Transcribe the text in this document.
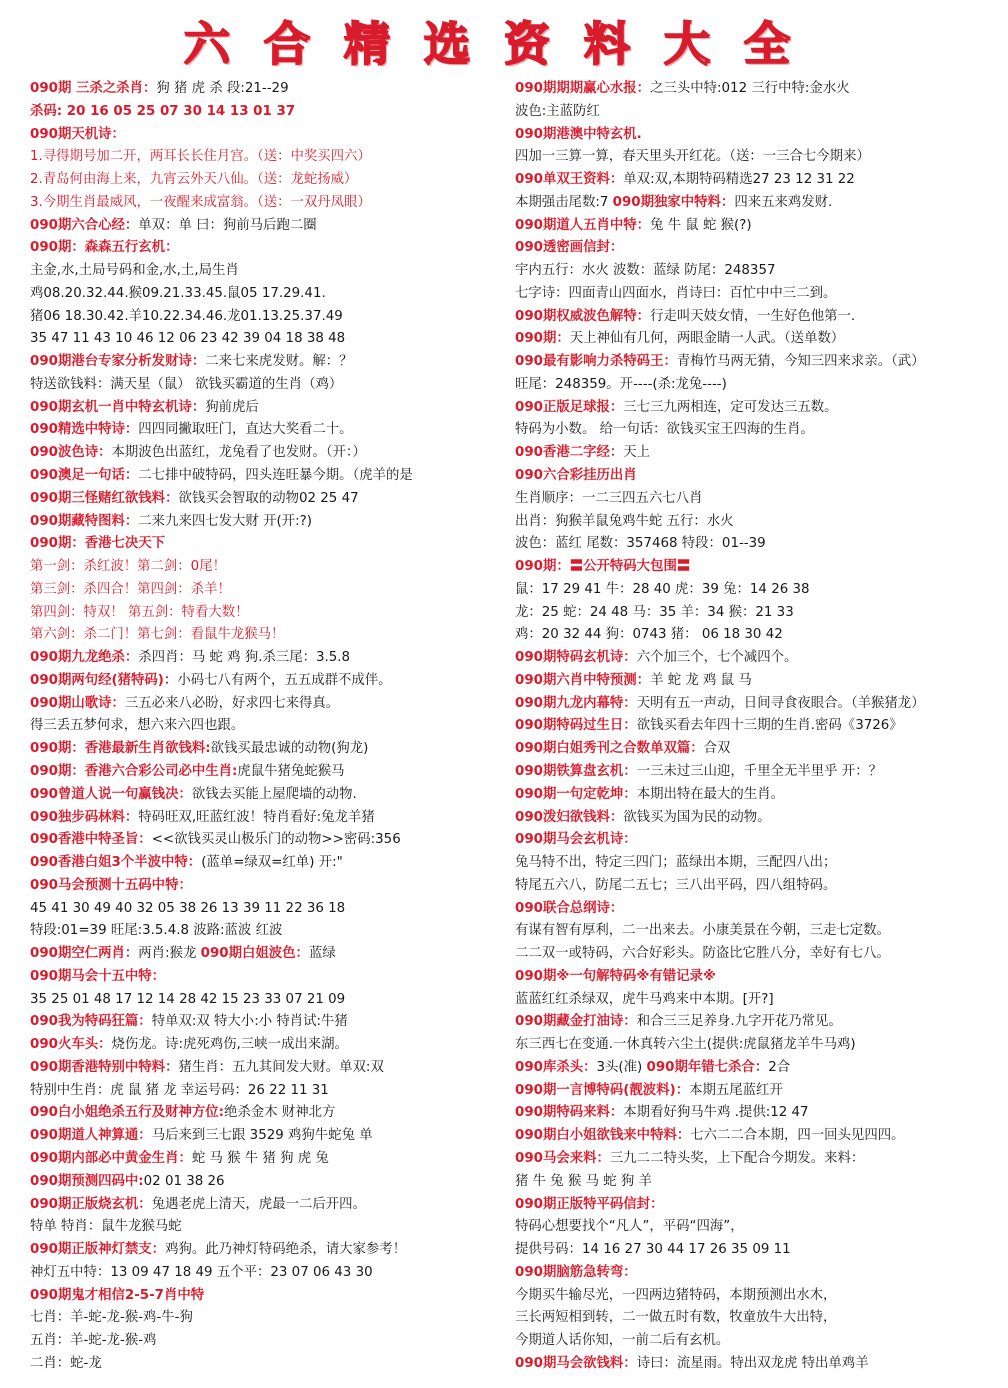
六合精选资料大全
090期 三杀之杀肖：狗 猪 虎 杀 段:21--29
杀码: 20 16 05 25 07 30 14 13 01 37
090期天机诗：
1.寻得期号加二开，两耳长长住月宫。（送：中奖买四六）
2.青岛何由海上来，九宵云外天八仙。（送：龙蛇扬威）
3.今期生肖最威风，一夜醒来成富翁。（送：一双丹凤眼）
090期六合心经：单双：单 曰：狗前马后跑二圈
090期：森森五行玄机：
主金,水,土局号码和金,水,土,局生肖
鸡08.20.32.44.猴09.21.33.45.鼠05 17.29.41.
猪06 18.30.42.羊10.22.34.46.龙01.13.25.37.49
35 47 11 43 10 46 12 06 23 42 39 04 18 38 48
090期港台专家分析发财诗：二来七来虎发财。解：？
特送欲钱料：满天星（鼠） 欲钱买霸道的生肖（鸡）
090期玄机一肖中特玄机诗：狗前虎后
090精选中特诗：四四同撇取旺门，直达大奖看二十。
090波色诗：本期波色出蓝红，龙兔看了也发财。（开：）
090澳足一句话：二七排中破特码，四头连旺暴今期。（虎羊的是
090期三怪赌红欲钱料：欲钱买会智取的动物02 25 47
090期藏特图料：二来九来四七发大财 开(开:?)
090期：香港七决天下
第一剑：杀红波！第二剑：0尾！
第三剑：杀四合！第四剑：杀羊！
第四剑：特双！ 第五剑：特看大数！
第六剑：杀二门！第七剑：看鼠牛龙猴马！
090期九龙绝杀：杀四肖：马 蛇 鸡 狗.杀三尾：3.5.8
090期两句经(猪特码)：小码七八有两个，五五成群不成伴。
090期山歌诗：三五必来八必盼，好求四七来得真。
得三丢五梦何求，想六来六四也跟。
090期：香港最新生肖欲钱料:欲钱买最忠诚的动物(狗龙)
090期：香港六合彩公司必中生肖:虎鼠牛猪兔蛇猴马
090曾道人说一句赢钱决：欲钱去买能上屋爬墙的动物.
090独步码林料：特码旺双,旺蓝红波！特肖看好:兔龙羊猪
090香港中特圣旨：<<欲钱买灵山极乐门的动物>>密码:356
090香港白姐3个半波中特：(蓝单=绿双=红单) 开:"
090马会预测十五码中特：
45 41 30 49 40 32 05 38 26 13 39 11 22 36 18
特段:01=39 旺尾:3.5.4.8 波路:蓝波 红波
090期空仁两肖：两肖:猴龙 090期白姐波色：蓝绿
090期马会十五中特：
35 25 01 48 17 12 14 28 42 15 23 33 07 21 09
090我为特码狂篇：特单双:双 特大小:小 特肖试:牛猪
090火车头：烧伤龙。诗:虎死鸡伤,三峡一成出来湖。
090期香港特别中特料：猪生肖：五九其间发大财。单双:双
特别中生肖：虎 鼠 猪 龙 幸运号码：26 22 11 31
090白小姐绝杀五行及财神方位:绝杀金木 财神北方
090期道人神算通：马后来到三七跟 3529 鸡狗牛蛇兔 单
090期内部必中黄金生肖：蛇 马 猴 牛 猪 狗 虎 兔
090期预测四码中:02 01 38 26
090期正版烧玄机：兔遇老虎上清天，虎最一二后开四。
特单 特肖：鼠牛龙猴马蛇
090期正版神灯禁支：鸡狗。此乃神灯特码绝杀，请大家参考！
神灯五中特：13 09 47 18 49 五个平：23 07 06 43 30
090期鬼才相信2-5-7肖中特
七肖：羊-蛇-龙-猴-鸡-牛-狗
五肖：羊-蛇-龙-猴-鸡
二肖：蛇-龙
090期期期赢心水报：之三头中特:012 三行中特:金水火
波色:主蓝防红
090期港澳中特玄机.
四加一三算一算，春天里头开红花。（送：一三合七今期来）
090单双王资料：单双:双,本期特码精选27 23 12 31 22
本期强击尾数:7 090期独家中特料：四来五来鸡发财.
090期道人五肖中特：兔 牛 鼠 蛇 猴(?)
090透密画信封：
宇内五行：水火 波数：蓝绿 防尾：248357
七字诗：四面青山四面水，肖诗曰：百忙中中三二到。
090期权威波色解特：行走叫天妓女情，一生好色他第一.
090期：天上神仙有几何，两眼金睛一人武。（送单数）
090最有影响力杀特码王：青梅竹马两无猜，今知三四来求亲。（武）
旺尾：248359。开----(杀:龙兔----)
090正版足球报：三七三九两相连，定可发达三五数。
特码为小数。 给一句话：欲钱买宝王四海的生肖。
090香港二字经：天上
090六合彩挂历出肖
生肖顺序：一二三四五六七八肖
出肖：狗猴羊鼠兔鸡牛蛇 五行：水火
波色：蓝红 尾数：357468 特段：01--39
090期：〓公开特码大包围〓
鼠：17 29 41 牛：28 40 虎：39 兔：14 26 38
龙：25 蛇：24 48 马：35 羊：34 猴：21 33
鸡：20 32 44 狗：0743 猪： 06 18 30 42
090期特码玄机诗：六个加三个，七个减四个。
090期六肖中特预测：羊 蛇 龙 鸡 鼠 马
090期九龙内幕特：天明有五一声动，日间寻食夜眼合。（羊猴猪龙）
090期特码过生日：欲钱买看去年四十三期的生肖.密码《3726》
090期白姐秀刊之合数单双篇：合双
090期铁算盘玄机：一三未过三山迎，千里全无半里乎 开：？
090期一句定乾坤：本期出特在最大的生肖。
090泼妇欲钱料：欲钱买为国为民的动物。
090期马会玄机诗：
兔马特不出，特定三四门；蓝绿出本期，三配四八出；
特尾五六八，防尾二五七；三八出平码，四八组特码。
090联合总纲诗：
有谋有智有厚利，二一出来去。小康美景在今朝，三走七定数。
二二双一或特码，六合好彩头。防盗比它胜八分，幸好有七八。
090期※一句解特码※有错记录※
蓝蓝红红杀绿双，虎牛马鸡来中本期。[开?]
090期藏金打油诗：和合三三足养身.九字开花乃常见。
东三西七在变通.一休真转六尘土(提供:虎鼠猪龙羊牛马鸡)
090库杀头：3头(准) 090期年错七杀合：2合
090期一言博特码(靓波料)：本期五尾蓝红开
090期特码来料：本期看好狗马牛鸡 .提供:12 47
090期白小姐欲钱来中特料：七六二二合本期，四一回头见四四。
090马会来料：三九二二特头奖，上下配合今期发。来料：
猪 牛 兔 猴 马 蛇 狗 羊
090期正版特平码信封：
特码心想要找个“凡人”，平码“四海”，
提供号码：14 16 27 30 44 17 26 35 09 11
090期脑筋急转弯：
今期买牛输尽光，一四两边猪特码，本期预测出水木，
三长两短相到转，二一做五时有数，牧童放牛大出特，
今期道人话你知，一前二后有玄机。
090期马会欲钱料：诗曰：流星雨。特出双龙虎 特出单鸡羊
